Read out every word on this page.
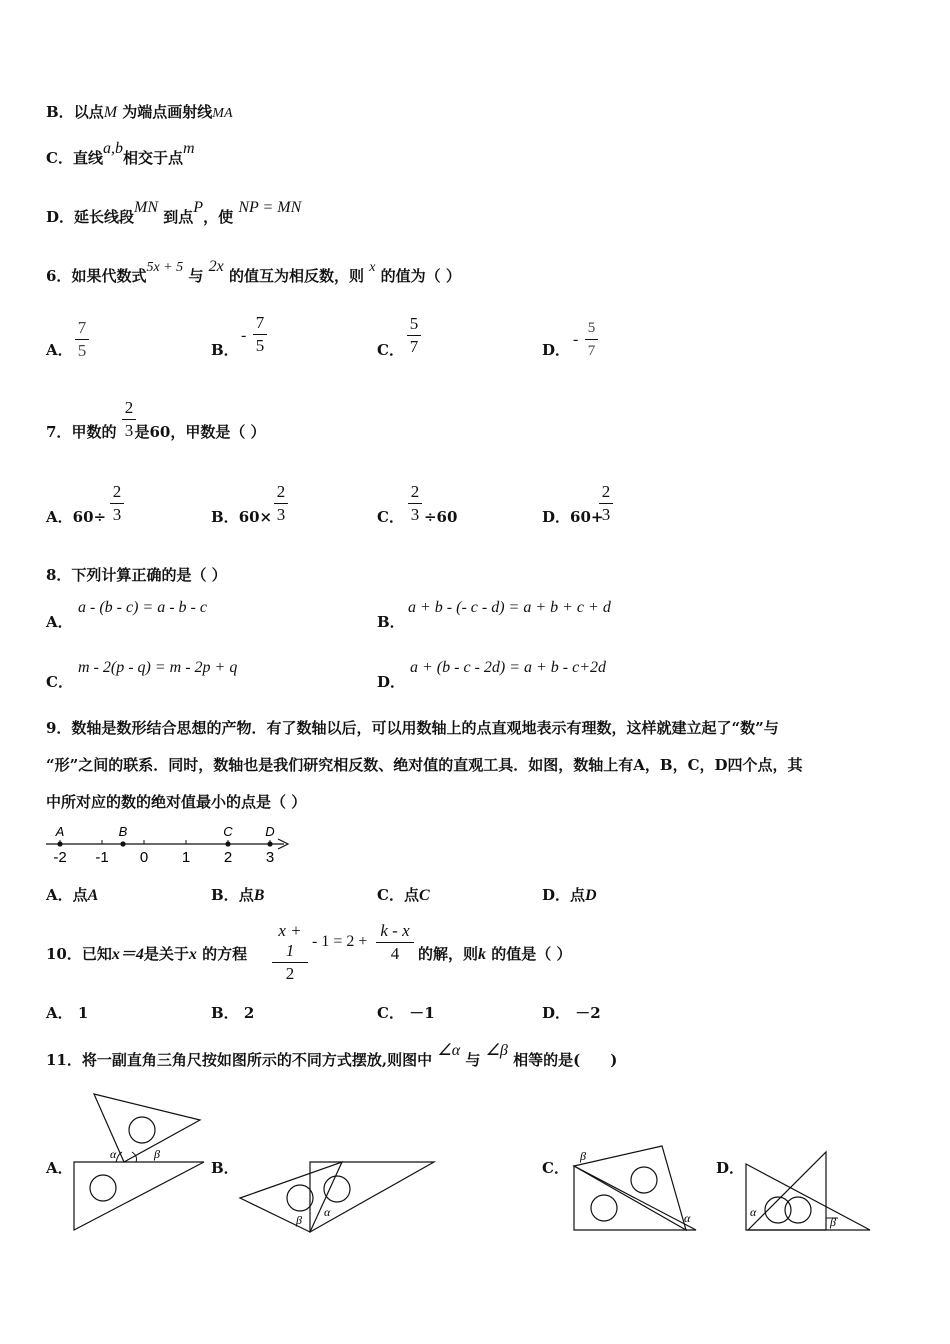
B．以点M 为端点画射线MA
C．直线a,b相交于点m
D．延长线段MN 到点P，使 NP = MN
6．如果代数式5x + 5 与 2x 的值互为相反数，则 x 的值为（ ）
A．
7
5	B．
-
7
5	C．
5
7	D．
-
5
7
7．甲数的 是60，甲数是（ ）
2
3
A．60÷
2
3	B．60×
2
3	C． ÷60
2
3	D．60+
2
3
8．下列计算正确的是（ ）
A．
a - (b - c) = a - b - c
B．
a + b - (- c - d) = a + b + c + d
C．
m - 2(p - q) = m - 2p + q
D．
a + (b - c - 2d) = a + b - c+2d
9．数轴是数形结合思想的产物．有了数轴以后，可以用数轴上的点直观地表示有理数，这样就建立起了“数”与
“形”之间的联系．同时，数轴也是我们研究相反数、绝对值的直观工具．如图，数轴上有A，B，C，D四个点，其
中所对应的数的绝对值最小的点是（ ）
-2 -1 0 1 2 3
A	B	C	D
A．点A	B．点B	C．点C	D．点D
10．已知x＝4是关于x 的方程
x + 1
2
- 1 = 2 +
k - x
4	的解，则k 的值是（ ）
A． 1	B． 2	C． －1	D． －2
11．将一副直角三角尺按如图所示的不同方式摆放,则图中 ∠α 与 ∠β 相等的是(　　)
A．	B．	C．	D．
α	β
β
α
β
α	α
β
